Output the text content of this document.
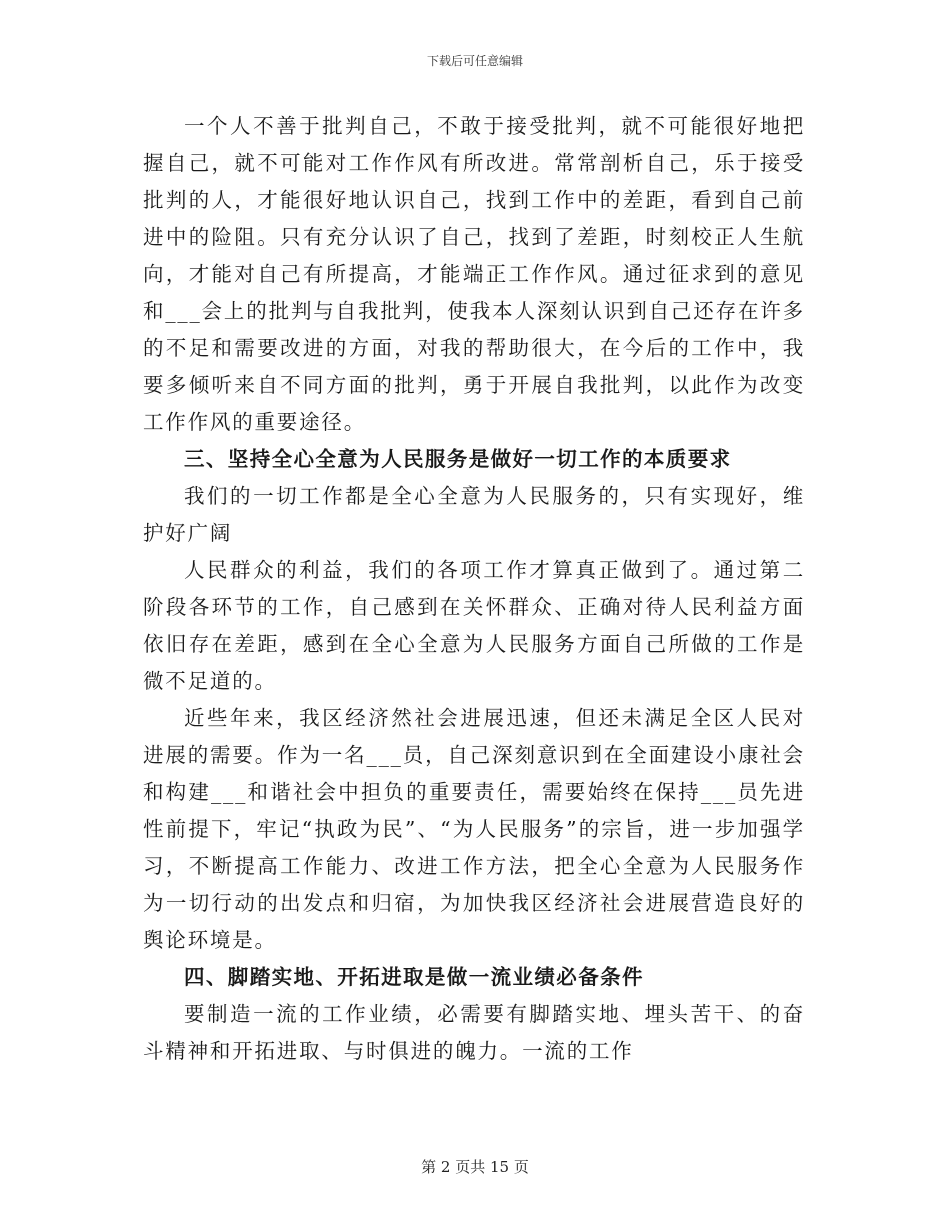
下载后可任意编辑

一个人不善于批判自己，不敢于接受批判，就不可能很好地把握自己，就不可能对工作作风有所改进。常常剖析自己，乐于接受批判的人，才能很好地认识自己，找到工作中的差距，看到自己前进中的险阻。只有充分认识了自己，找到了差距，时刻校正人生航向，才能对自己有所提高，才能端正工作作风。通过征求到的意见和___会上的批判与自我批判，使我本人深刻认识到自己还存在许多的不足和需要改进的方面，对我的帮助很大，在今后的工作中，我要多倾听来自不同方面的批判，勇于开展自我批判，以此作为改变工作作风的重要途径。

三、坚持全心全意为人民服务是做好一切工作的本质要求

我们的一切工作都是全心全意为人民服务的，只有实现好，维护好广阔

人民群众的利益，我们的各项工作才算真正做到了。通过第二阶段各环节的工作，自己感到在关怀群众、正确对待人民利益方面依旧存在差距，感到在全心全意为人民服务方面自己所做的工作是微不足道的。

近些年来，我区经济然社会进展迅速，但还未满足全区人民对进展的需要。作为一名___员，自己深刻意识到在全面建设小康社会和构建___和谐社会中担负的重要责任，需要始终在保持___员先进性前提下，牢记“执政为民”、“为人民服务”的宗旨，进一步加强学习，不断提高工作能力、改进工作方法，把全心全意为人民服务作为一切行动的出发点和归宿，为加快我区经济社会进展营造良好的舆论环境是。

四、脚踏实地、开拓进取是做一流业绩必备条件

要制造一流的工作业绩，必需要有脚踏实地、埋头苦干、的奋斗精神和开拓进取、与时俱进的魄力。一流的工作

第 2 页共 15 页
